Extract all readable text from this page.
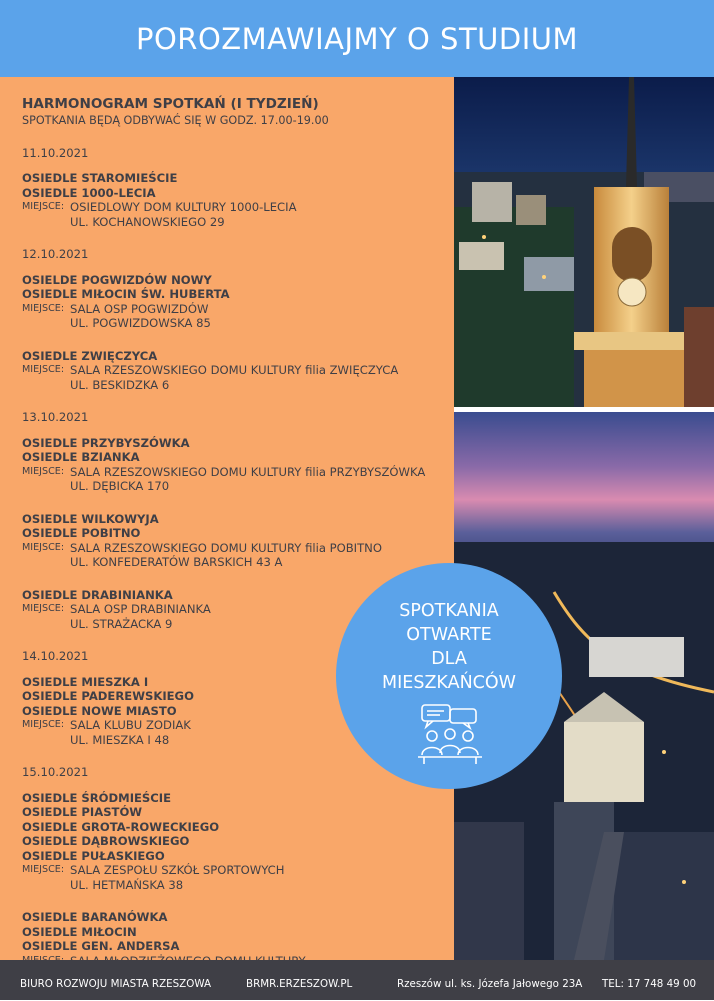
POROZMAWIAJMY O STUDIUM
HARMONOGRAM SPOTKAŃ (I TYDZIEŃ)
SPOTKANIA BĘDĄ ODBYWAĆ SIĘ W GODZ. 17.00-19.00
11.10.2021
OSIEDLE STAROMIEŚCIE
OSIEDLE 1000-LECIA
MIEJSCE: OSIEDLOWY DOM KULTURY 1000-LECIA
UL. KOCHANOWSKIEGO 29
12.10.2021
OSIELDE POGWIZDÓW NOWY
OSIEDLE MIŁOCIN ŚW. HUBERTA
MIEJSCE: SALA OSP POGWIZDÓW
UL. POGWIZDOWSKA 85
OSIEDLE ZWIĘCZYCA
MIEJSCE: SALA RZESZOWSKIEGO DOMU KULTURY filia ZWIĘCZYCA
UL. BESKIDZKA 6
13.10.2021
OSIEDLE PRZYBYSZÓWKA
OSIEDLE BZIANKA
MIEJSCE: SALA RZESZOWSKIEGO DOMU KULTURY filia PRZYBYSZÓWKA
UL. DĘBICKA 170
OSIEDLE WILKOWYJA
OSIEDLE POBITNO
MIEJSCE: SALA RZESZOWSKIEGO DOMU KULTURY filia POBITNO
UL. KONFEDERATÓW BARSKICH 43 A
OSIEDLE DRABINIANKA
MIEJSCE: SALA OSP DRABINIANKA
UL. STRAŻACKA 9
14.10.2021
OSIEDLE MIESZKA I
OSIEDLE PADEREWSKIEGO
OSIEDLE NOWE MIASTO
MIEJSCE: SALA KLUBU ZODIAK
UL. MIESZKA I 48
15.10.2021
OSIEDLE ŚRÓDMIEŚCIE
OSIEDLE PIASTÓW
OSIEDLE GROTA-ROWECKIEGO
OSIEDLE DĄBROWSKIEGO
OSIEDLE PUŁASKIEGO
MIEJSCE: SALA ZESPOŁU SZKÓŁ SPORTOWYCH
UL. HETMAŃSKA 38
OSIEDLE BARANÓWKA
OSIEDLE MIŁOCIN
OSIEDLE GEN. ANDERSA
SPOTKANIA
OTWARTE
DLA
MIESZKAŃCÓW
BIURO ROZWOJU MIASTA RZESZOWA	BRMR.ERZESZOW.PL	Rzeszów ul. ks. Józefa Jałowego 23A TEL: 17 748 49 00
